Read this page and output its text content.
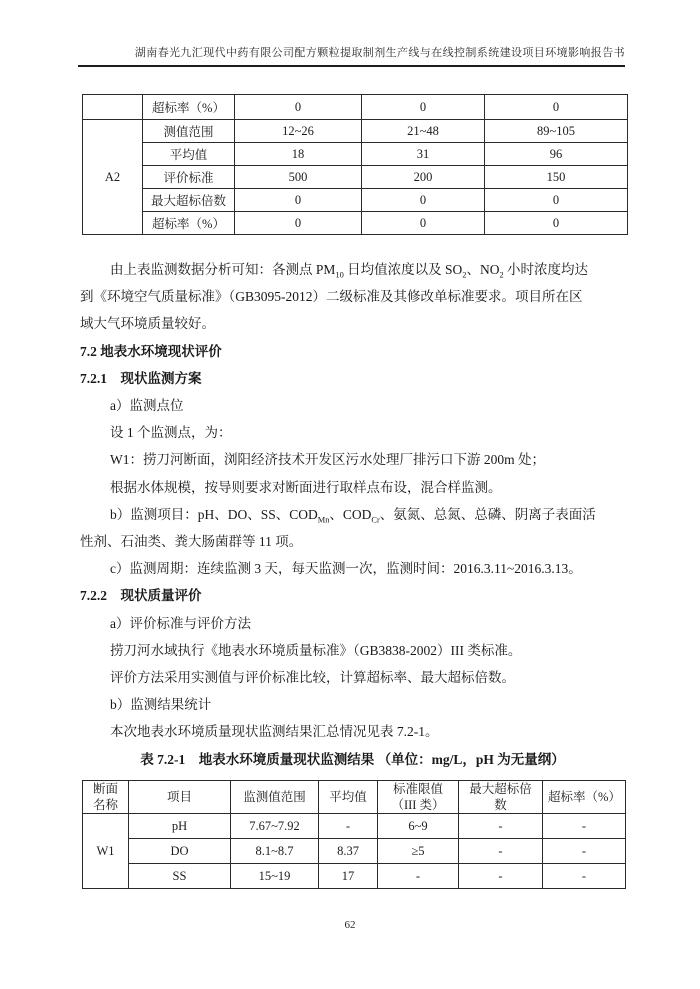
湖南春光九汇现代中药有限公司配方颗粒提取制剂生产线与在线控制系统建设项目环境影响报告书
	超标率（%）	0	0	0
A2	测值范围	12~26	21~48	89~105
	平均值	18	31	96
	评价标准	500	200	150
	最大超标倍数	0	0	0
	超标率（%）	0	0	0

由上表监测数据分析可知：各测点 $PM_{10}$ 日均值浓度以及 $SO_2$、$NO_2$ 小时浓度均达

到《环境空气质量标准》（GB3095-2012）二级标准及其修改单标准要求。项目所在区

域大气环境质量较好。

7.2 地表水环境现状评价

7.2.1　现状监测方案

a）监测点位

设 1 个监测点，为：

W1：捞刀河断面，浏阳经济技术开发区污水处理厂排污口下游 200m 处；

根据水体规模，按导则要求对断面进行取样点布设，混合样监测。

b）监测项目：pH、DO、SS、$COD_{Mn}$、$COD_{Cr}$、氨氮、总氮、总磷、阴离子表面活

性剂、石油类、粪大肠菌群等 11 项。

c）监测周期：连续监测 3 天，每天监测一次，监测时间：2016.3.11~2016.3.13。

7.2.2　现状质量评价

a）评价标准与评价方法

捞刀河水域执行《地表水环境质量标准》（GB3838-2002）III 类标准。

评价方法采用实测值与评价标准比较，计算超标率、最大超标倍数。

b）监测结果统计

本次地表水环境质量现状监测结果汇总情况见表 7.2-1。

表 7.2-1　地表水环境质量现状监测结果 （单位：mg/L，pH 为无量纲）

断面名称	项目	监测值范围	平均值	标准限值（III 类）	最大超标倍数	超标率（%）
W1	pH	7.67~7.92	-	6~9	-	-
	DO	8.1~8.7	8.37	≥5	-	-
	SS	15~19	17	-	-	-
62
